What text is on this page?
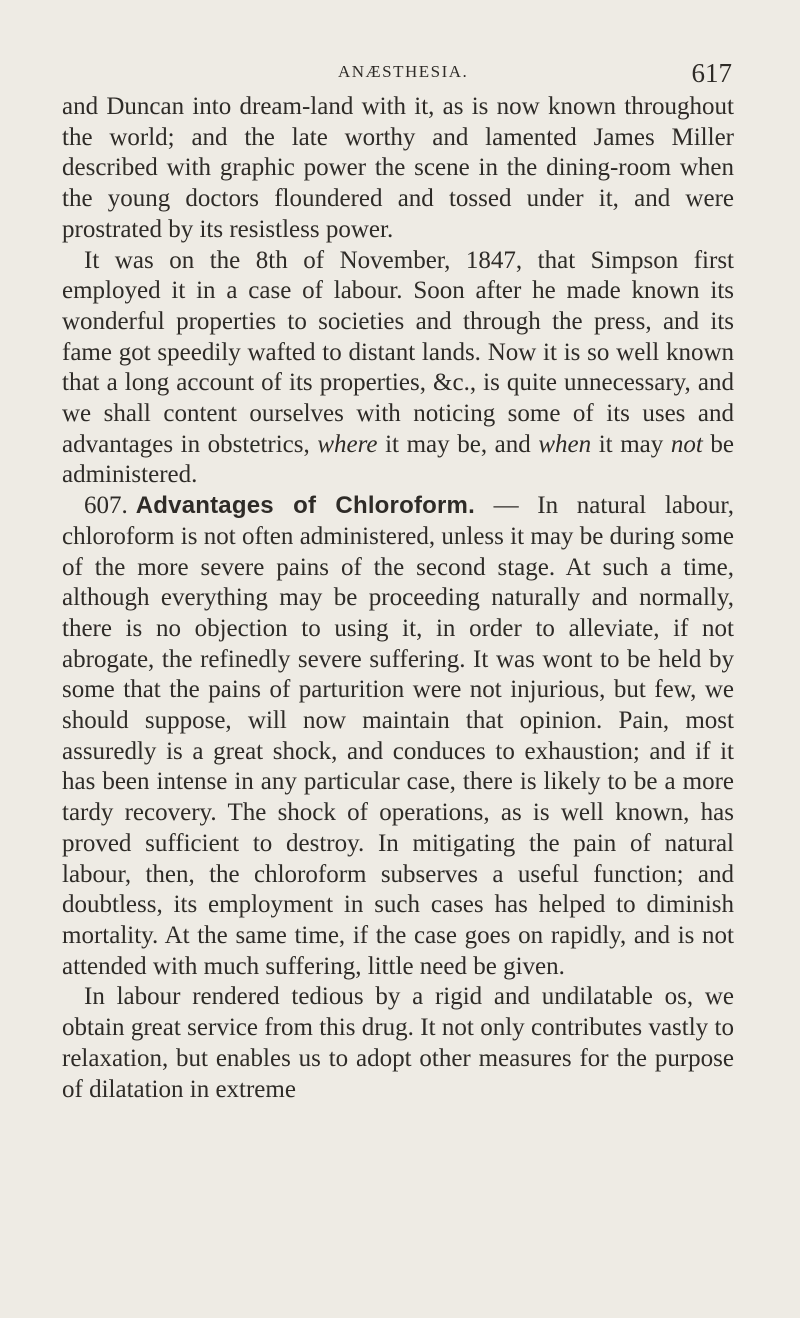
ANÆSTHESIA.	617

and Duncan into dream-land with it, as is now known throughout the world; and the late worthy and lamented James Miller described with graphic power the scene in the dining-room when the young doctors floundered and tossed under it, and were prostrated by its resistless power.

It was on the 8th of November, 1847, that Simpson first employed it in a case of labour. Soon after he made known its wonderful properties to societies and through the press, and its fame got speedily wafted to distant lands. Now it is so well known that a long account of its properties, &c., is quite unnecessary, and we shall content ourselves with noticing some of its uses and advantages in obstetrics, where it may be, and when it may not be administered.

607. Advantages of Chloroform. — In natural labour, chloroform is not often administered, unless it may be during some of the more severe pains of the second stage. At such a time, although everything may be proceeding naturally and normally, there is no objection to using it, in order to alleviate, if not abrogate, the refinedly severe suffering. It was wont to be held by some that the pains of parturition were not injurious, but few, we should suppose, will now maintain that opinion. Pain, most assuredly is a great shock, and conduces to exhaustion; and if it has been intense in any particular case, there is likely to be a more tardy recovery. The shock of operations, as is well known, has proved sufficient to destroy. In mitigating the pain of natural labour, then, the chloroform subserves a useful function; and doubtless, its employment in such cases has helped to diminish mortality. At the same time, if the case goes on rapidly, and is not attended with much suffering, little need be given.

In labour rendered tedious by a rigid and undilatable os, we obtain great service from this drug. It not only contributes vastly to relaxation, but enables us to adopt other measures for the purpose of dilatation in extreme
